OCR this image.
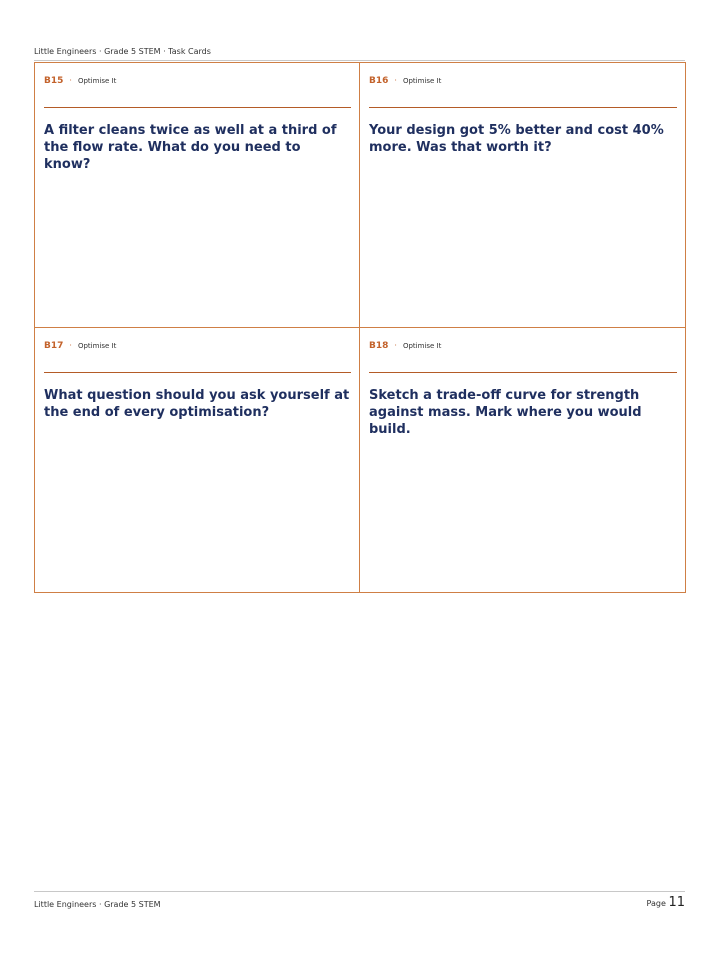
Little Engineers · Grade 5 STEM · Task Cards
B15 · Optimise It
A filter cleans twice as well at a third of the flow rate. What do you need to know?
B16 · Optimise It
Your design got 5% better and cost 40% more. Was that worth it?
B17 · Optimise It
What question should you ask yourself at the end of every optimisation?
B18 · Optimise It
Sketch a trade-off curve for strength against mass. Mark where you would build.
Little Engineers · Grade 5 STEM	Page 11
